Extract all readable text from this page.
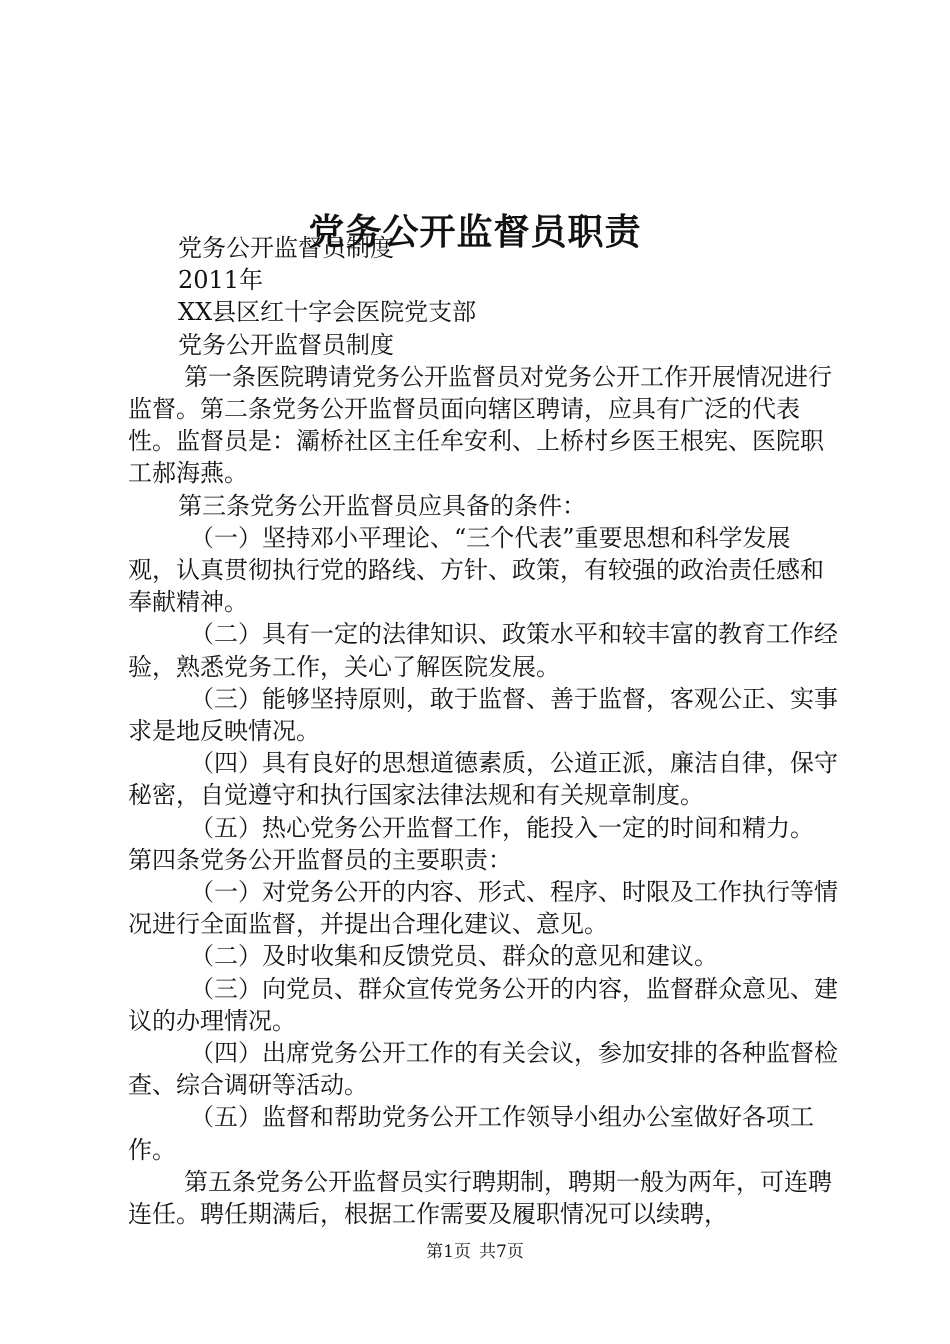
党务公开监督员职责

党务公开监督员制度

2011年

XX县区红十字会医院党支部

党务公开监督员制度

第一条医院聘请党务公开监督员对党务公开工作开展情况进行监督。第二条党务公开监督员面向辖区聘请，应具有广泛的代表性。监督员是：灞桥社区主任牟安利、上桥村乡医王根宪、医院职工郝海燕。

第三条党务公开监督员应具备的条件：

（一）坚持邓小平理论、“三个代表”重要思想和科学发展观，认真贯彻执行党的路线、方针、政策，有较强的政治责任感和奉献精神。

（二）具有一定的法律知识、政策水平和较丰富的教育工作经验，熟悉党务工作，关心了解医院发展。

（三）能够坚持原则，敢于监督、善于监督，客观公正、实事求是地反映情况。

（四）具有良好的思想道德素质，公道正派，廉洁自律，保守秘密，自觉遵守和执行国家法律法规和有关规章制度。

（五）热心党务公开监督工作，能投入一定的时间和精力。

第四条党务公开监督员的主要职责：

（一）对党务公开的内容、形式、程序、时限及工作执行等情况进行全面监督，并提出合理化建议、意见。

（二）及时收集和反馈党员、群众的意见和建议。

（三）向党员、群众宣传党务公开的内容，监督群众意见、建议的办理情况。

（四）出席党务公开工作的有关会议，参加安排的各种监督检查、综合调研等活动。

（五）监督和帮助党务公开工作领导小组办公室做好各项工作。

第五条党务公开监督员实行聘期制，聘期一般为两年，可连聘连任。聘任期满后，根据工作需要及履职情况可以续聘，

第1页 共7页
